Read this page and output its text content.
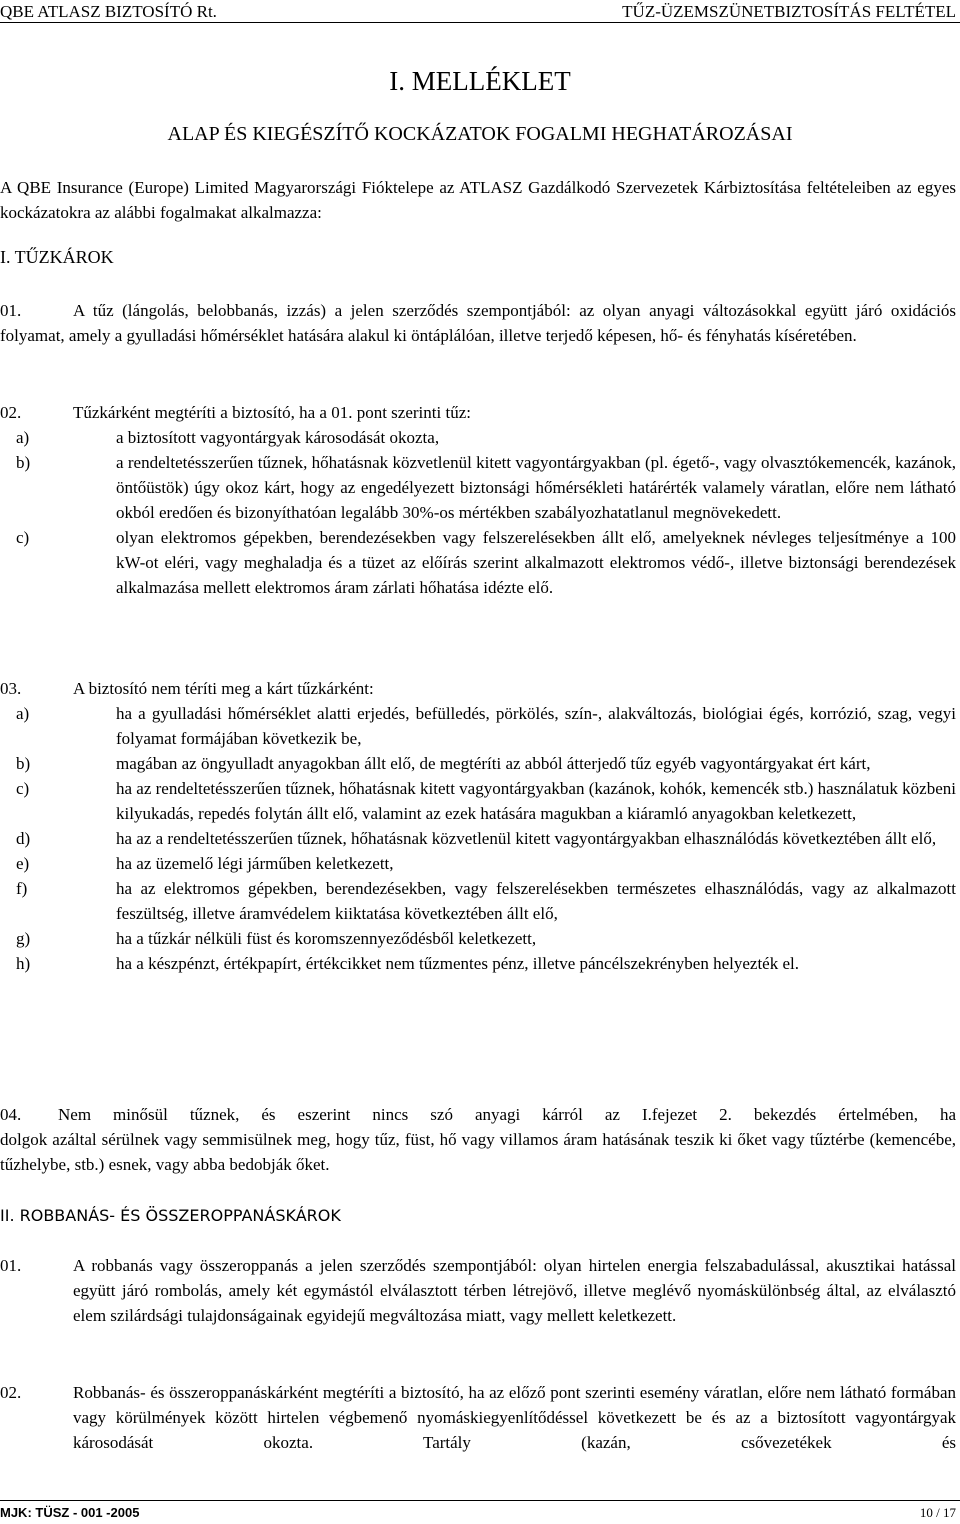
QBE ATLASZ BIZTOSÍTÓ Rt.	TŰZ-ÜZEMSZÜNETBIZTOSÍTÁS FELTÉTEL
I. MELLÉKLET
ALAP ÉS KIEGÉSZÍTŐ KOCKÁZATOK FOGALMI HEGHATÁROZÁSAI
A QBE Insurance (Europe) Limited Magyarországi Fióktelepe az ATLASZ Gazdálkodó Szervezetek Kárbiztosítása feltételeiben az egyes kockázatokra az alábbi fogalmakat alkalmazza:
I. TŰZKÁROK
01.	A tűz (lángolás, belobbanás, izzás) a jelen szerződés szempontjából: az olyan anyagi változásokkal együtt járó oxidációs folyamat, amely a gyulladási hőmérséklet hatására alakul ki öntáplálóan, illetve terjedő képesen, hő- és fényhatás kíséretében.
02.	Tűzkárként megtéríti a biztosító, ha a 01. pont szerinti tűz:
a)	a biztosított vagyontárgyak károsodását okozta,
b)	a rendeltetésszerűen tűznek, hőhatásnak közvetlenül kitett vagyontárgyakban (pl. égető-, vagy olvasztókemencék, kazánok, öntőüstök) úgy okoz kárt, hogy az engedélyezett biztonsági hőmérsékleti határérték valamely váratlan, előre nem látható okból eredően és bizonyíthatóan legalább 30%-os mértékben szabályozhatatlanul megnövekedett.
c)	olyan elektromos gépekben, berendezésekben vagy felszerelésekben állt elő, amelyeknek névleges teljesítménye a 100 kW-ot eléri, vagy meghaladja és a tüzet az előírás szerint alkalmazott elektromos védő-, illetve biztonsági berendezések alkalmazása mellett elektromos áram zárlati hőhatása idézte elő.
03.	A biztosító nem téríti meg a kárt tűzkárként:
a)	ha a gyulladási hőmérséklet alatti erjedés, befülledés, pörkölés, szín-, alakváltozás, biológiai égés, korrózió, szag, vegyi folyamat formájában következik be,
b)	magában az öngyulladt anyagokban állt elő, de megtéríti az abból átterjedő tűz egyéb vagyontárgyakat ért kárt,
c)	ha az rendeltetésszerűen tűznek, hőhatásnak kitett vagyontárgyakban (kazánok, kohók, kemencék stb.) használatuk közbeni kilyukadás, repedés folytán állt elő, valamint az ezek hatására magukban a kiáramló anyagokban keletkezett,
d)	ha az a rendeltetésszerűen tűznek, hőhatásnak közvetlenül kitett vagyontárgyakban elhasználódás következtében állt elő,
e)	ha az üzemelő légi járműben keletkezett,
f)	ha az elektromos gépekben, berendezésekben, vagy felszerelésekben természetes elhasználódás, vagy az alkalmazott feszültség, illetve áramvédelem kiiktatása következtében állt elő,
g)	ha a tűzkár nélküli füst és koromszennyeződésből keletkezett,
h)	ha a készpénzt, értékpapírt, értékcikket nem tűzmentes pénz, illetve páncélszekrényben helyezték el.
04. Nem minősül tűznek, és eszerint nincs szó anyagi kárról az I.fejezet 2. bekezdés értelmében, ha
dolgok azáltal sérülnek vagy semmisülnek meg, hogy tűz, füst, hő vagy villamos áram hatásának teszik ki őket vagy tűztérbe (kemencébe, tűzhelybe, stb.) esnek, vagy abba bedobják őket.
II. ROBBANÁS- ÉS ÖSSZEROPPANÁSKÁROK
01.	A robbanás vagy összeroppanás a jelen szerződés szempontjából: olyan hirtelen energia felszabadulással, akusztikai hatással együtt járó rombolás, amely két egymástól elválasztott térben létrejövő, illetve meglévő nyomáskülönbség által, az elválasztó elem szilárdsági tulajdonságainak egyidejű megváltozása miatt, vagy mellett keletkezett.
02.	Robbanás- és összeroppanáskárként megtéríti a biztosító, ha az előző pont szerinti esemény váratlan, előre nem látható formában vagy körülmények között hirtelen végbemenő nyomáskiegyenlítődéssel következett be és az a biztosított vagyontárgyak károsodását okozta. Tartály (kazán, csővezetékek és
MJK: TÜSZ - 001 -2005	10 / 17
